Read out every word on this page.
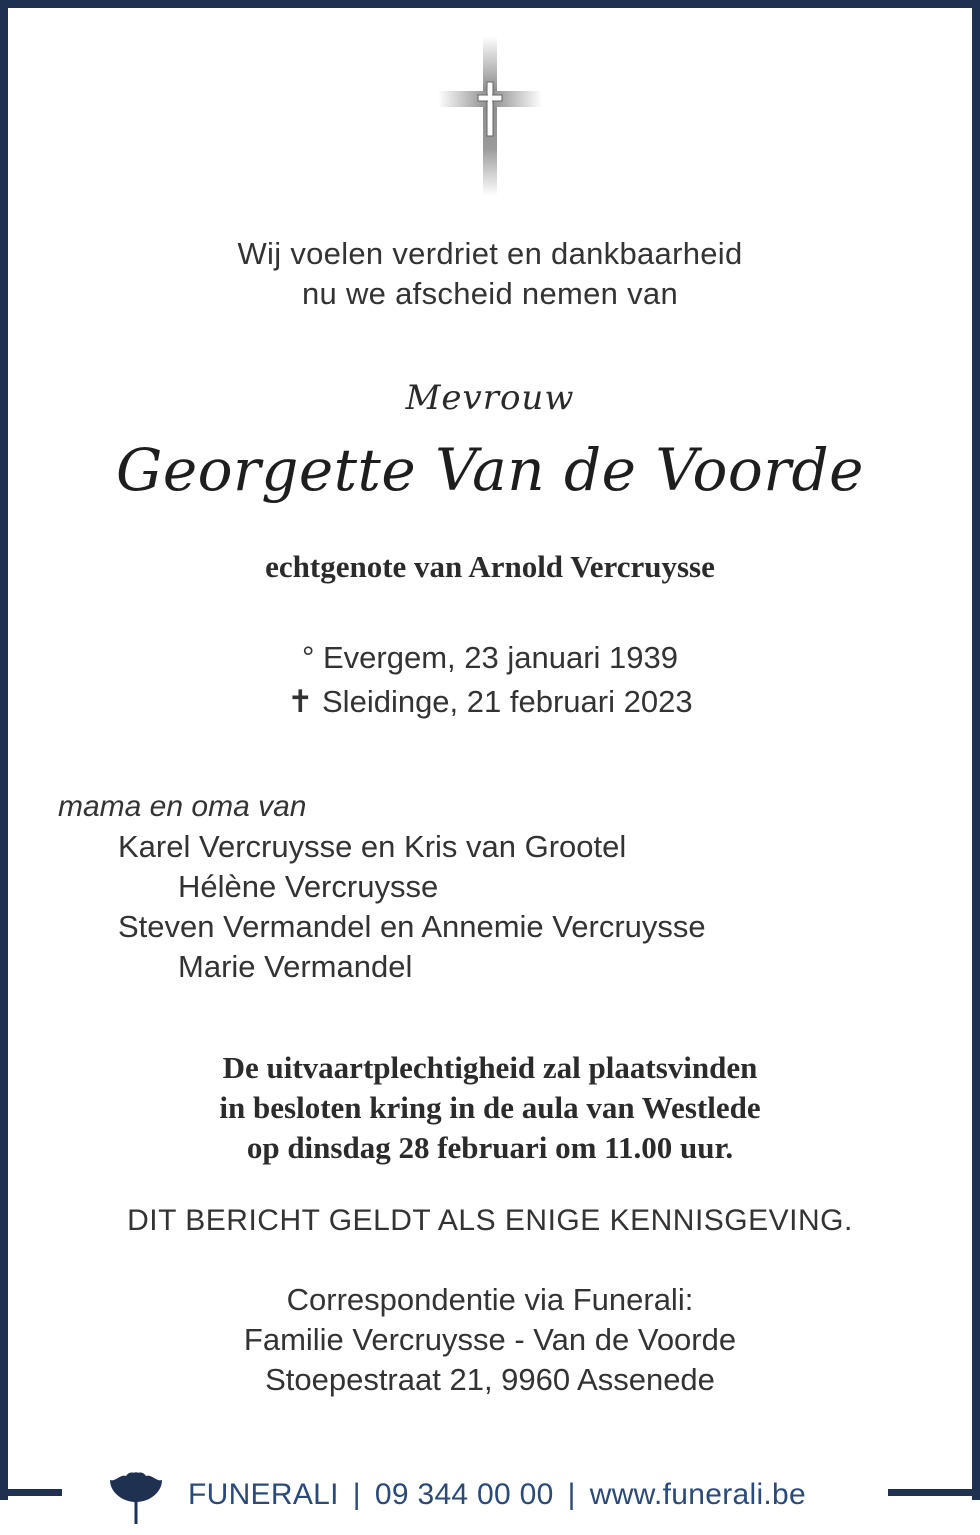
Wij voelen verdriet en dankbaarheid
nu we afscheid nemen van
Mevrouw
Georgette Van de Voorde
echtgenote van Arnold Vercruysse
° Evergem, 23 januari 1939
✝ Sleidinge, 21 februari 2023
mama en oma van
Karel Vercruysse en Kris van Grootel
Hélène Vercruysse
Steven Vermandel en Annemie Vercruysse
Marie Vermandel
De uitvaartplechtigheid zal plaatsvinden
in besloten kring in de aula van Westlede
op dinsdag 28 februari om 11.00 uur.
DIT BERICHT GELDT ALS ENIGE KENNISGEVING.
Correspondentie via Funerali:
Familie Vercruysse - Van de Voorde
Stoepestraat 21, 9960 Assenede
FUNERALI | 09 344 00 00 | www.funerali.be
